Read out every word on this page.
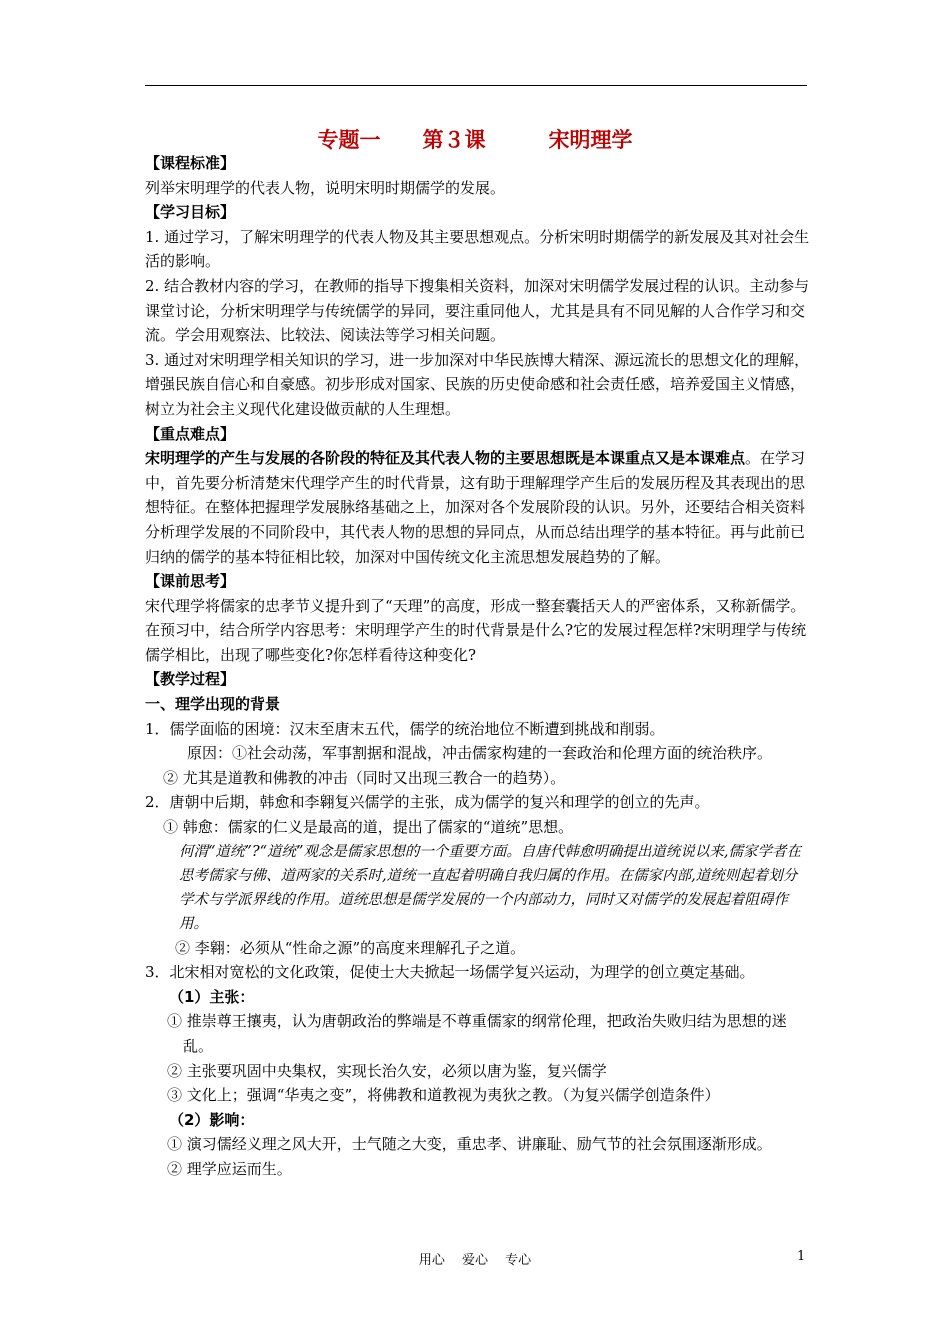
专题一　　第３课　　　宋明理学

【课程标准】

列举宋明理学的代表人物，说明宋明时期儒学的发展。

【学习目标】

1. 通过学习，了解宋明理学的代表人物及其主要思想观点。分析宋明时期儒学的新发展及其对社会生活的影响。

2. 结合教材内容的学习，在教师的指导下搜集相关资料，加深对宋明儒学发展过程的认识。主动参与课堂讨论，分析宋明理学与传统儒学的异同，要注重同他人，尤其是具有不同见解的人合作学习和交流。学会用观察法、比较法、阅读法等学习相关问题。

3. 通过对宋明理学相关知识的学习，进一步加深对中华民族博大精深、源远流长的思想文化的理解，增强民族自信心和自豪感。初步形成对国家、民族的历史使命感和社会责任感，培养爱国主义情感，树立为社会主义现代化建设做贡献的人生理想。

【重点难点】

宋明理学的产生与发展的各阶段的特征及其代表人物的主要思想既是本课重点又是本课难点。在学习中，首先要分析清楚宋代理学产生的时代背景，这有助于理解理学产生后的发展历程及其表现出的思想特征。在整体把握理学发展脉络基础之上，加深对各个发展阶段的认识。另外，还要结合相关资料分析理学发展的不同阶段中，其代表人物的思想的异同点，从而总结出理学的基本特征。再与此前已归纳的儒学的基本特征相比较，加深对中国传统文化主流思想发展趋势的了解。

【课前思考】

宋代理学将儒家的忠孝节义提升到了“天理”的高度，形成一整套囊括天人的严密体系，又称新儒学。在预习中，结合所学内容思考：宋明理学产生的时代背景是什么?它的发展过程怎样?宋明理学与传统儒学相比，出现了哪些变化?你怎样看待这种变化?

【教学过程】

一、理学出现的背景

1．儒学面临的困境：汉末至唐末五代，儒学的统治地位不断遭到挑战和削弱。

原因：①社会动荡，军事割据和混战，冲击儒家构建的一套政治和伦理方面的统治秩序。

② 尤其是道教和佛教的冲击（同时又出现三教合一的趋势）。

2．唐朝中后期，韩愈和李翱复兴儒学的主张，成为儒学的复兴和理学的创立的先声。

① 韩愈：儒家的仁义是最高的道，提出了儒家的“道统”思想。

何渭“道统”?“道统”观念是儒家思想的一个重要方面。自唐代韩愈明确提出道统说以来,儒家学者在思考儒家与佛、道两家的关系时,道统一直起着明确自我归属的作用。在儒家内部,道统则起着划分学术与学派界线的作用。道统思想是儒学发展的一个内部动力，同时又对儒学的发展起着阻碍作用。

② 李翱：必须从“性命之源”的高度来理解孔子之道。

3．北宋相对宽松的文化政策，促使士大夫掀起一场儒学复兴运动，为理学的创立奠定基础。

（1）主张：

① 推崇尊王攘夷，认为唐朝政治的弊端是不尊重儒家的纲常伦理，把政治失败归结为思想的迷乱。

② 主张要巩固中央集权，实现长治久安，必须以唐为鉴，复兴儒学

③ 文化上；强调“华夷之变”，将佛教和道教视为夷狄之教。（为复兴儒学创造条件）

（2）影响：

① 演习儒经义理之风大开，士气随之大变，重忠孝、讲廉耻、励气节的社会氛围逐渐形成。

② 理学应运而生。

用心　 爱心 　专心	1
